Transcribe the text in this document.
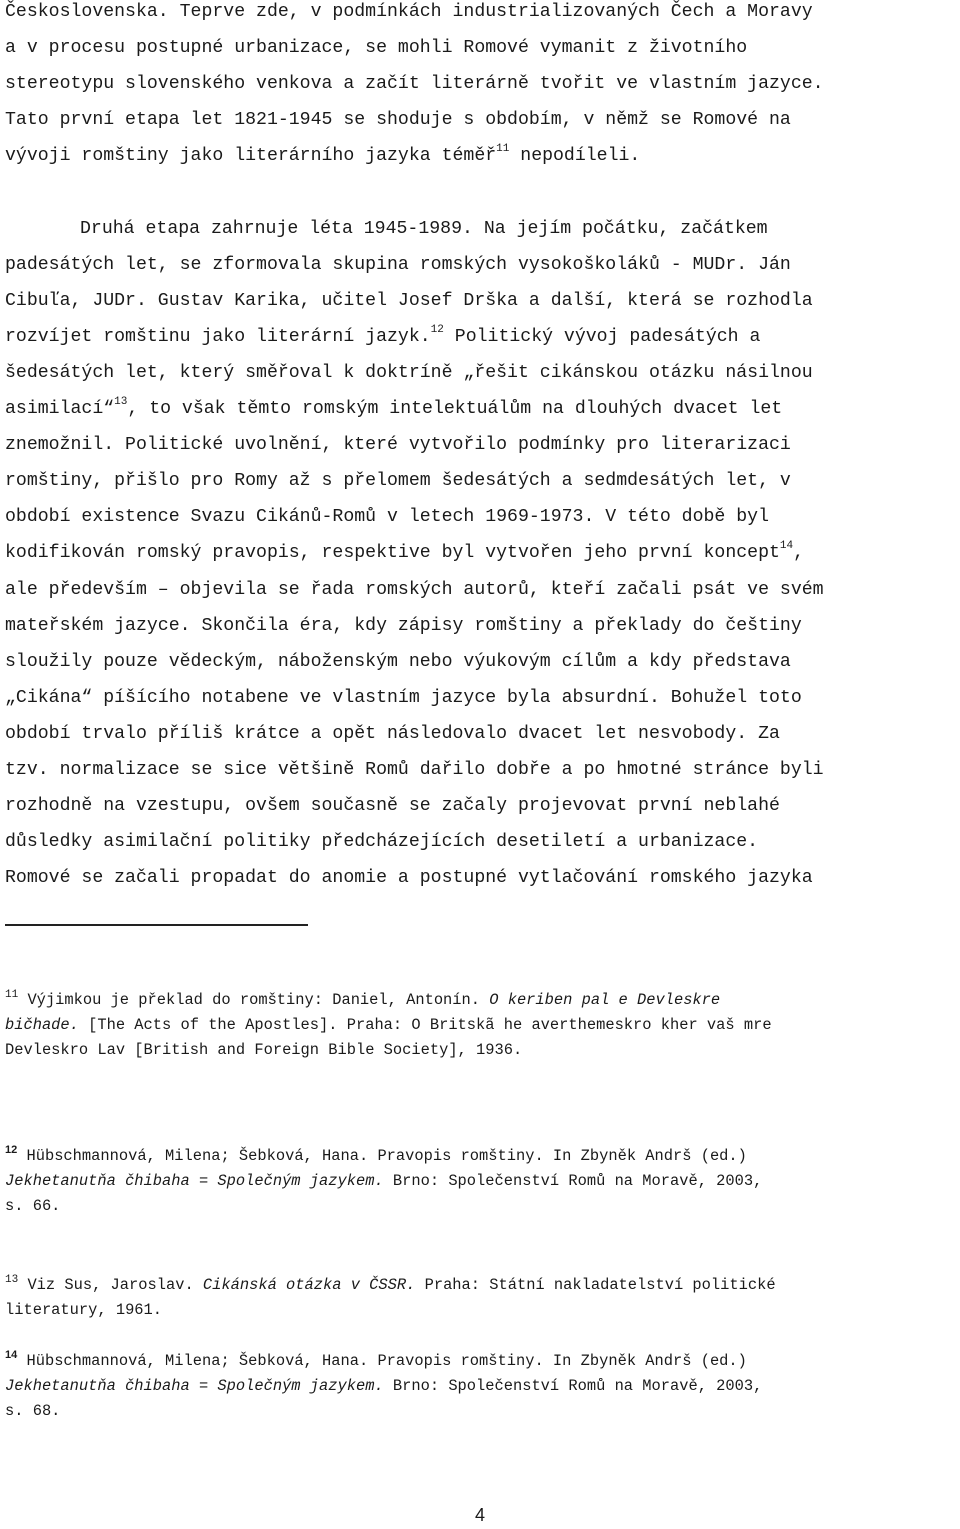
Československa. Teprve zde, v podmínkách industrializovaných Čech a Moravy

a v procesu postupné urbanizace, se mohli Romové vymanit z životního

stereotypu slovenského venkova a začít literárně tvořit ve vlastním jazyce.

Tato první etapa let 1821-1945 se shoduje s obdobím, v němž se Romové na

vývoji romštiny jako literárního jazyka téměř$^{11}$ nepodíleli.

Druhá etapa zahrnuje léta 1945-1989. Na jejím počátku, začátkem

padesátých let, se zformovala skupina romských vysokoškoláků - MUDr. Ján

Cibuľa, JUDr. Gustav Karika, učitel Josef Drška a další, která se rozhodla

rozvíjet romštinu jako literární jazyk.$^{12}$ Politický vývoj padesátých a

šedesátých let, který směřoval k doktríně „řešit cikánskou otázku násilnou

asimilací“$^{13}$, to však těmto romským intelektuálům na dlouhých dvacet let

znemožnil. Politické uvolnění, které vytvořilo podmínky pro literarizaci

romštiny, přišlo pro Romy až s přelomem šedesátých a sedmdesátých let, v

období existence Svazu Cikánů-Romů v letech 1969-1973. V této době byl

kodifikován romský pravopis, respektive byl vytvořen jeho první koncept$^{14}$,

ale především – objevila se řada romských autorů, kteří začali psát ve svém

mateřském jazyce. Skončila éra, kdy zápisy romštiny a překlady do češtiny

sloužily pouze vědeckým, náboženským nebo výukovým cílům a kdy představa

„Cikána“ píšícího notabene ve vlastním jazyce byla absurdní. Bohužel toto

období trvalo příliš krátce a opět následovalo dvacet let nesvobody. Za

tzv. normalizace se sice většině Romů dařilo dobře a po hmotné stránce byli

rozhodně na vzestupu, ovšem současně se začaly projevovat první neblahé

důsledky asimilační politiky předcházejících desetiletí a urbanizace.

Romové se začali propadat do anomie a postupné vytlačování romského jazyka

$^{11}$ Výjimkou je překlad do romštiny: Daniel, Antonín. O keriben pal e Devleskre

bičhade. [The Acts of the Apostles]. Praha: O Britskã he averthemeskro kher vaš mre

Devleskro Lav [British and Foreign Bible Society], 1936.

$^{12}$ Hübschmannová, Milena; Šebková, Hana. Pravopis romštiny. In Zbyněk Andrš (ed.)

Jekhetanutňa čhibaha = Společným jazykem. Brno: Společenství Romů na Moravě, 2003,

s. 66.

$^{13}$ Viz Sus, Jaroslav. Cikánská otázka v ČSSR. Praha: Státní nakladatelství politické

literatury, 1961.

$^{14}$ Hübschmannová, Milena; Šebková, Hana. Pravopis romštiny. In Zbyněk Andrš (ed.)

Jekhetanutňa čhibaha = Společným jazykem. Brno: Společenství Romů na Moravě, 2003,

s. 68.

4
